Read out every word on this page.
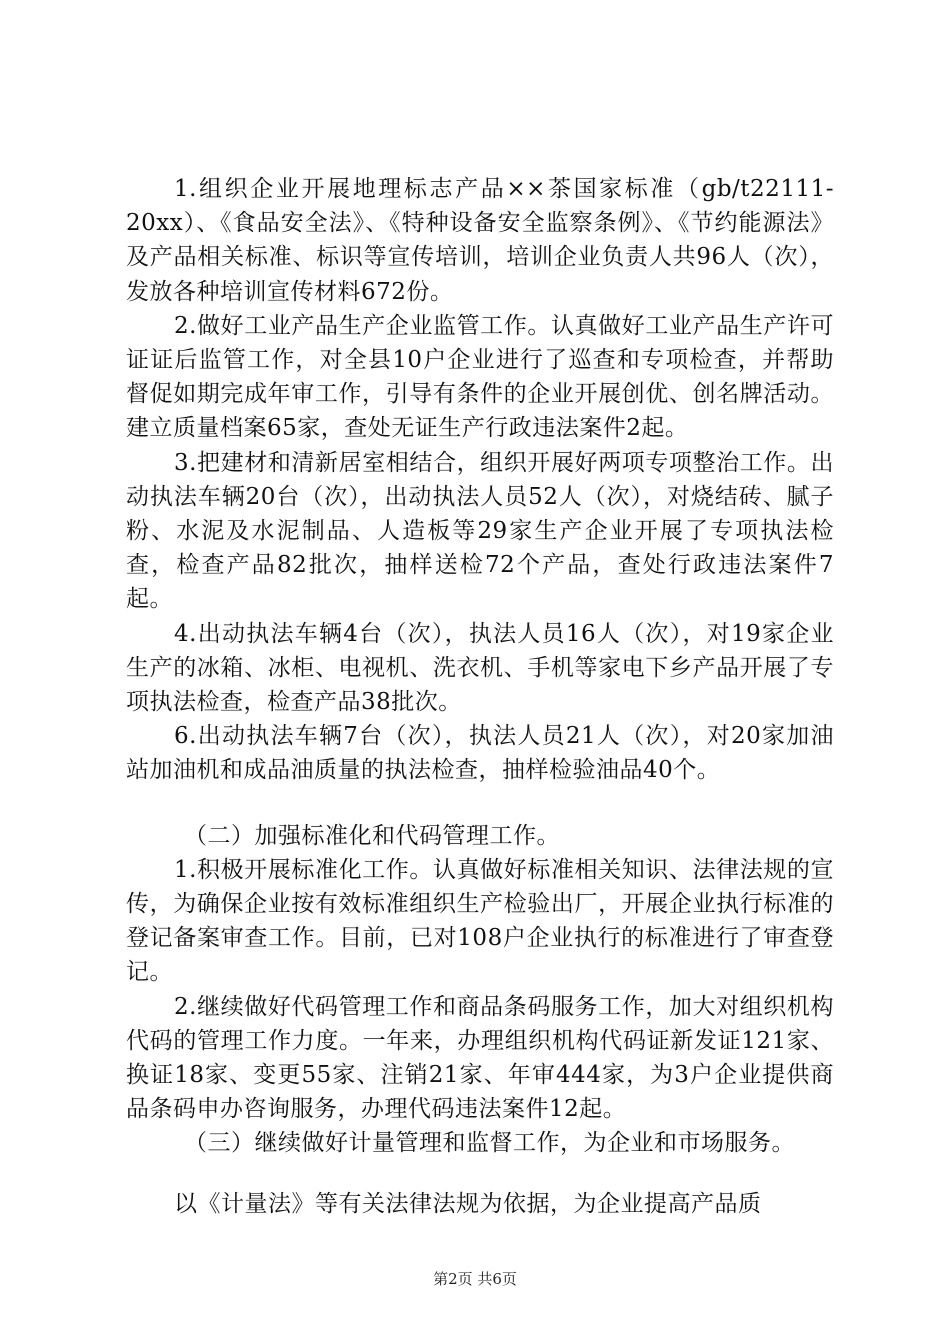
1.组织企业开展地理标志产品××茶国家标准（gb/t22111-20xx）、《食品安全法》、《特种设备安全监察条例》、《节约能源法》及产品相关标准、标识等宣传培训，培训企业负责人共96人（次），发放各种培训宣传材料672份。

2.做好工业产品生产企业监管工作。认真做好工业产品生产许可证证后监管工作，对全县10户企业进行了巡查和专项检查，并帮助督促如期完成年审工作，引导有条件的企业开展创优、创名牌活动。建立质量档案65家，查处无证生产行政违法案件2起。

3.把建材和清新居室相结合，组织开展好两项专项整治工作。出动执法车辆20台（次），出动执法人员52人（次），对烧结砖、腻子粉、水泥及水泥制品、人造板等29家生产企业开展了专项执法检查，检查产品82批次，抽样送检72个产品，查处行政违法案件7起。

4.出动执法车辆4台（次），执法人员16人（次），对19家企业生产的冰箱、冰柜、电视机、洗衣机、手机等家电下乡产品开展了专项执法检查，检查产品38批次。

6.出动执法车辆7台（次），执法人员21人（次），对20家加油站加油机和成品油质量的执法检查，抽样检验油品40个。

（二）加强标准化和代码管理工作。

1.积极开展标准化工作。认真做好标准相关知识、法律法规的宣传，为确保企业按有效标准组织生产检验出厂，开展企业执行标准的登记备案审查工作。目前，已对108户企业执行的标准进行了审查登记。

2.继续做好代码管理工作和商品条码服务工作，加大对组织机构代码的管理工作力度。一年来，办理组织机构代码证新发证121家、换证18家、变更55家、注销21家、年审444家，为3户企业提供商品条码申办咨询服务，办理代码违法案件12起。

（三）继续做好计量管理和监督工作，为企业和市场服务。

以《计量法》等有关法律法规为依据，为企业提高产品质

第2页 共6页
